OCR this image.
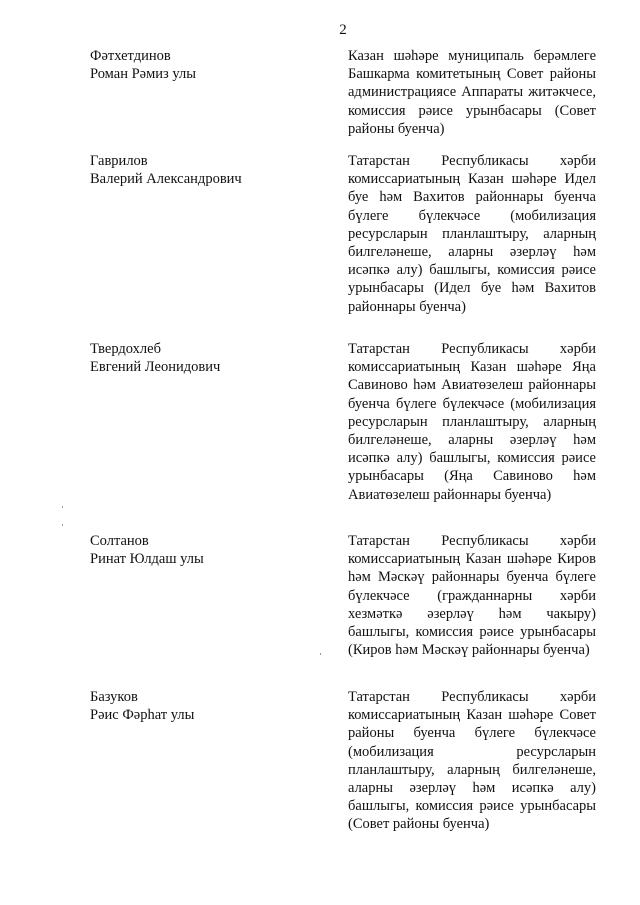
2
Фәтхетдинов
Роман Рәмиз улы
Казан шәһәре муниципаль берәмлеге Башкарма комитетының Совет районы администрациясе Аппараты житәкчесе, комиссия рәисе урынбасары (Совет районы буенча)
Гаврилов
Валерий Александрович
Татарстан Республикасы хәрби комиссариатының Казан шәһәре Идел буе һәм Вахитов районнары буенча бүлеге бүлекчәсе (мобилизация ресурсларын планлаштыру, аларның билгеләнеше, аларны әзерләү һәм исәпкә алу) башлыгы, комиссия рәисе урынбасары (Идел буе һәм Вахитов районнары буенча)
Твердохлеб
Евгений Леонидович
Татарстан Республикасы хәрби комиссариатының Казан шәһәре Яңа Савиново һәм Авиатөзелеш районнары буенча бүлеге бүлекчәсе (мобилизация ресурсларын планлаштыру, аларның билгеләнеше, аларны әзерләү һәм исәпкә алу) башлыгы, комиссия рәисе урынбасары (Яңа Савиново һәм Авиатөзелеш районнары буенча)
Солтанов
Ринат Юлдаш улы
Татарстан Республикасы хәрби комиссариатының Казан шәһәре Киров һәм Мәскәү районнары буенча бүлеге бүлекчәсе (гражданнарны хәрби хезмәткә әзерләү һәм чакыру) башлыгы, комиссия рәисе урынбасары (Киров һәм Мәскәү районнары буенча)
Базуков
Рәис Фәрһат улы
Татарстан Республикасы хәрби комиссариатының Казан шәһәре Совет районы буенча бүлеге бүлекчәсе (мобилизация ресурсларын планлаштыру, аларның билгеләнеше, аларны әзерләү һәм исәпкә алу) башлыгы, комиссия рәисе урынбасары (Совет районы буенча)
